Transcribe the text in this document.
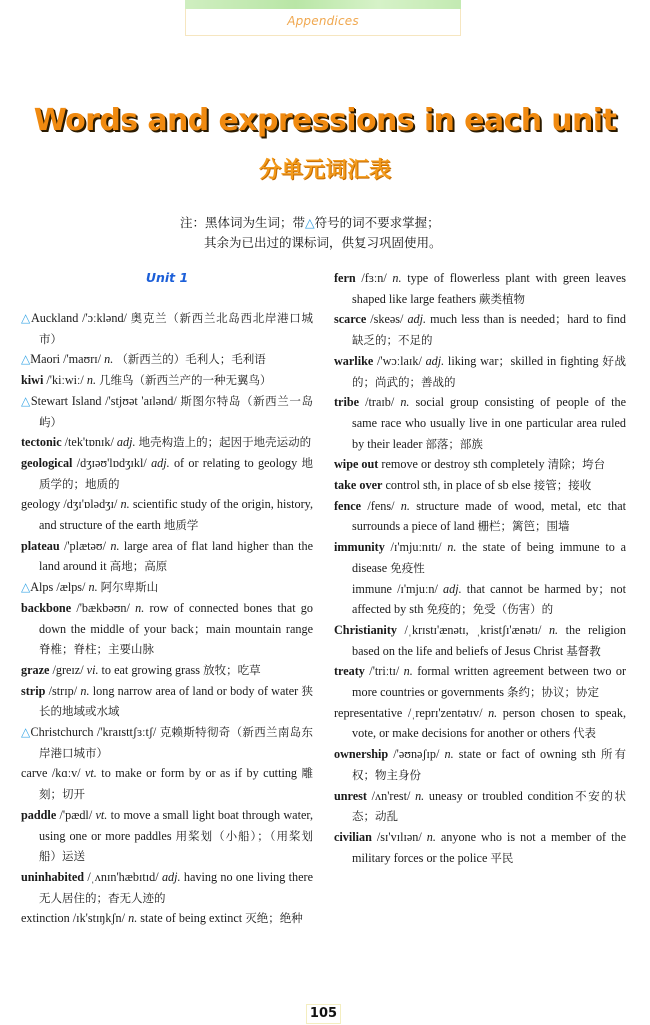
Appendices
Words and expressions in each unit
分单元词汇表
注：黑体词为生词；带△符号的词不要求掌握；
其余为已出过的课标词，供复习巩固使用。
Unit 1

△Auckland /'ɔːklənd/ 奥克兰（新西兰北岛西北岸港口城市）

△Maori /'maʊrɪ/ n. （新西兰的）毛利人；毛利语

kiwi /'kiːwiː/ n. 几维鸟（新西兰产的一种无翼鸟）

△Stewart Island /'stjʊət 'aɪlənd/ 斯图尔特岛（新西兰一岛屿）

tectonic /tek'tɒnɪk/ adj. 地壳构造上的；起因于地壳运动的

geological /dʒɪəʊ'lɒdʒɪkl/ adj. of or relating to geology 地质学的；地质的

geology /dʒɪ'ɒlədʒɪ/ n. scientific study of the origin, history, and structure of the earth 地质学

plateau /'plætəʊ/ n. large area of flat land higher than the land around it 高地；高原

△Alps /ælps/ n. 阿尔卑斯山

backbone /'bækbəʊn/ n. row of connected bones that go down the middle of your back；main mountain range 脊椎；脊柱；主要山脉

graze /greɪz/ vi. to eat growing grass 放牧；吃草

strip /strɪp/ n. long narrow area of land or body of water 狭长的地域或水域

△Christchurch /'kraɪsttʃɜːtʃ/ 克赖斯特彻奇（新西兰南岛东岸港口城市）

carve /kɑːv/ vt. to make or form by or as if by cutting 雕刻；切开

paddle /'pædl/ vt. to move a small light boat through water, using one or more paddles 用桨划（小船）；（用桨划船）运送

uninhabited /ˌʌnɪn'hæbɪtɪd/ adj. having no one living there 无人居住的；杳无人迹的

extinction /ɪk'stɪŋkʃn/ n. state of being extinct 灭绝；绝种

fern /fɜːn/ n. type of flowerless plant with green leaves shaped like large feathers 蕨类植物

scarce /skeəs/ adj. much less than is needed；hard to find 缺乏的；不足的

warlike /'wɔːlaɪk/ adj. liking war；skilled in fighting 好战的；尚武的；善战的

tribe /traɪb/ n. social group consisting of people of the same race who usually live in one particular area ruled by their leader 部落；部族

wipe out remove or destroy sth completely 清除；垮台

take over control sth, in place of sb else 接管；接收

fence /fens/ n. structure made of wood, metal, etc that surrounds a piece of land 栅栏；篱笆；围墙

immunity /ɪ'mjuːnɪtɪ/ n. the state of being immune to a disease 免疫性

immune /ɪ'mjuːn/ adj. that cannot be harmed by；not affected by sth 免疫的；免受（伤害）的

Christianity /ˌkrɪstɪ'ænətɪ, ˌkristʃɪ'ænətɪ/ n. the religion based on the life and beliefs of Jesus Christ 基督教

treaty /'triːtɪ/ n. formal written agreement between two or more countries or governments 条约；协议；协定

representative /ˌreprɪ'zentətɪv/ n. person chosen to speak, vote, or make decisions for another or others 代表

ownership /'əʊnəʃɪp/ n. state or fact of owning sth 所有权；物主身份

unrest /ʌn'rest/ n. uneasy or troubled condition不安的状态；动乱

civilian /sɪ'vɪlɪən/ n. anyone who is not a member of the military forces or the police 平民

105
